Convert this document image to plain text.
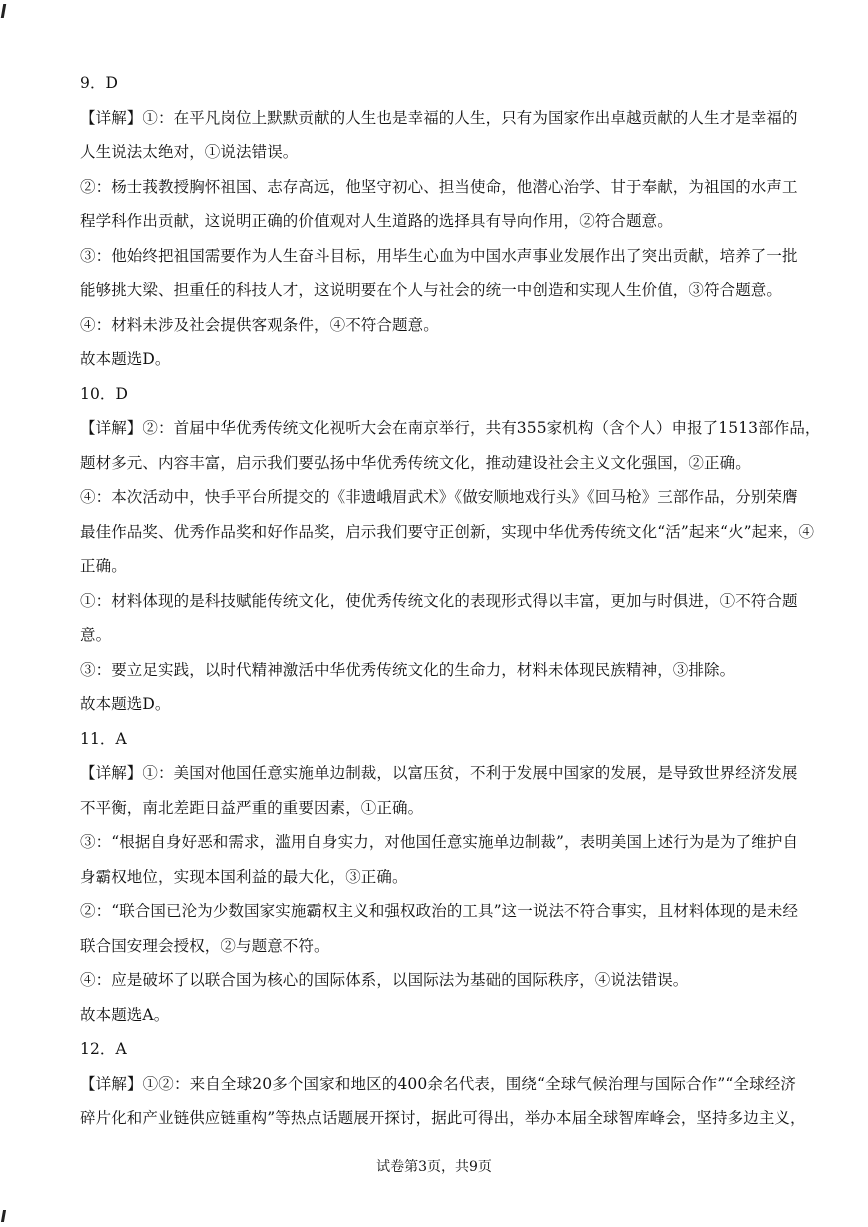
9．D
【详解】①：在平凡岗位上默默贡献的人生也是幸福的人生，只有为国家作出卓越贡献的人生才是幸福的
人生说法太绝对，①说法错误。
②：杨士莪教授胸怀祖国、志存高远，他坚守初心、担当使命，他潜心治学、甘于奉献，为祖国的水声工
程学科作出贡献，这说明正确的价值观对人生道路的选择具有导向作用，②符合题意。
③：他始终把祖国需要作为人生奋斗目标，用毕生心血为中国水声事业发展作出了突出贡献，培养了一批
能够挑大梁、担重任的科技人才，这说明要在个人与社会的统一中创造和实现人生价值，③符合题意。
④：材料未涉及社会提供客观条件，④不符合题意。
故本题选D。
10．D
【详解】②：首届中华优秀传统文化视听大会在南京举行，共有355家机构（含个人）申报了1513部作品，
题材多元、内容丰富，启示我们要弘扬中华优秀传统文化，推动建设社会主义文化强国，②正确。
④：本次活动中，快手平台所提交的《非遗峨眉武术》《做安顺地戏行头》《回马枪》三部作品，分别荣膺
最佳作品奖、优秀作品奖和好作品奖，启示我们要守正创新，实现中华优秀传统文化“活”起来“火”起来，④
正确。
①：材料体现的是科技赋能传统文化，使优秀传统文化的表现形式得以丰富，更加与时俱进，①不符合题
意。
③：要立足实践，以时代精神激活中华优秀传统文化的生命力，材料未体现民族精神，③排除。
故本题选D。
11．A
【详解】①：美国对他国任意实施单边制裁，以富压贫，不利于发展中国家的发展，是导致世界经济发展
不平衡，南北差距日益严重的重要因素，①正确。
③：“根据自身好恶和需求，滥用自身实力，对他国任意实施单边制裁”，表明美国上述行为是为了维护自
身霸权地位，实现本国利益的最大化，③正确。
②：“联合国已沦为少数国家实施霸权主义和强权政治的工具”这一说法不符合事实，且材料体现的是未经
联合国安理会授权，②与题意不符。
④：应是破坏了以联合国为核心的国际体系，以国际法为基础的国际秩序，④说法错误。
故本题选A。
12．A
【详解】①②：来自全球20多个国家和地区的400余名代表，围绕“全球气候治理与国际合作”“全球经济
碎片化和产业链供应链重构”等热点话题展开探讨，据此可得出，举办本届全球智库峰会，坚持多边主义，
试卷第3页，共9页
